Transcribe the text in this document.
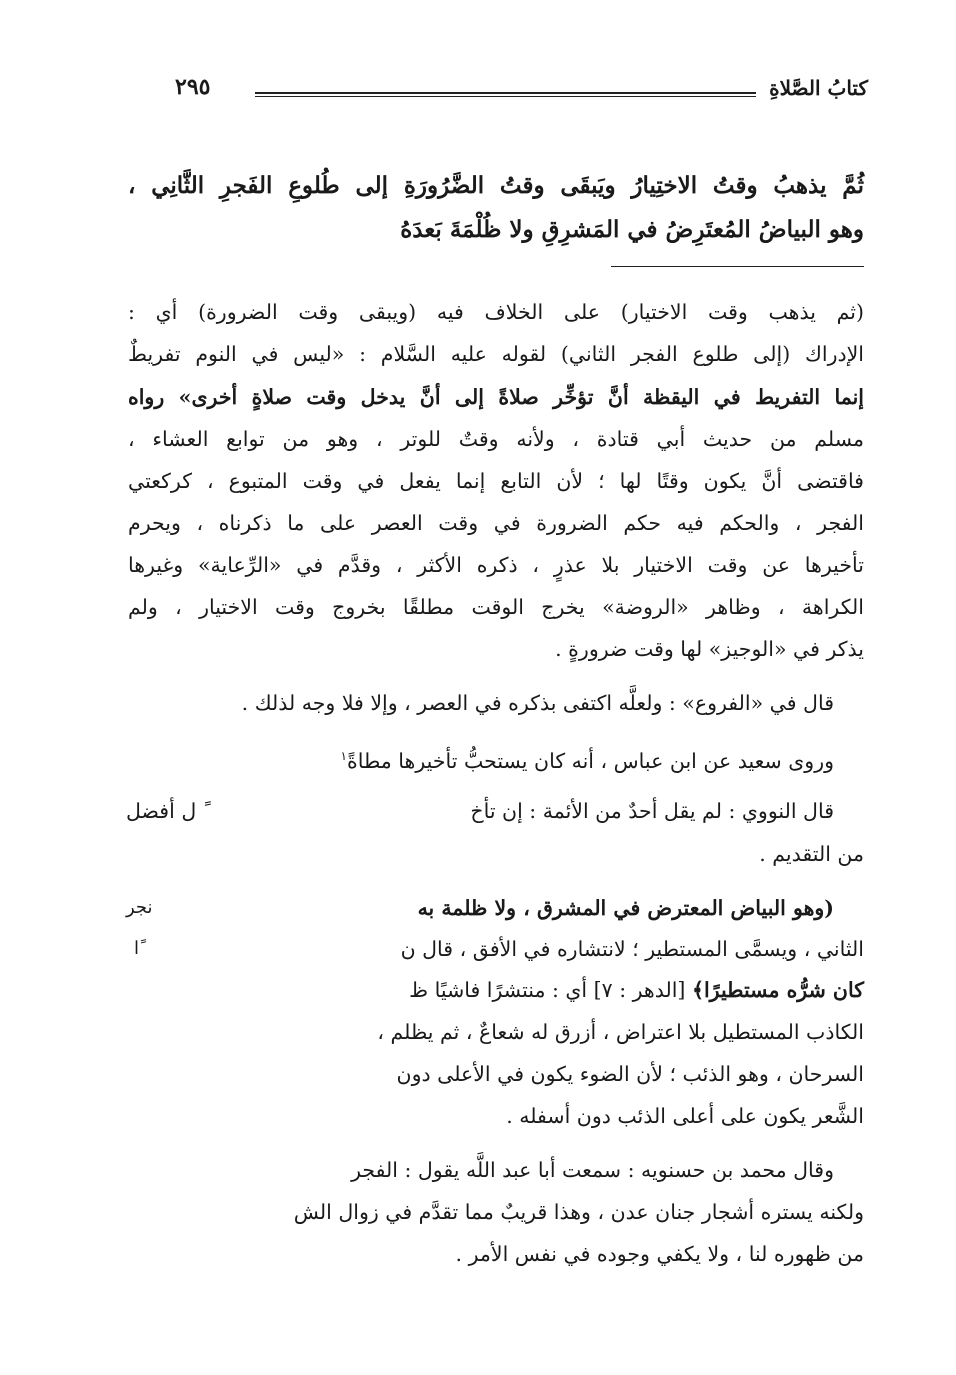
كتابُ الصَّلاةِ
٢٩٥
ثُمَّ يذهبُ وقتُ الاختِيارُ ويَبقَى وقتُ الضَّرُورَةِ إلى طُلوعِ الفَجرِ الثَّانِي ،
وهو البياضُ المُعتَرِضُ في المَشرِقِ ولا ظُلْمَةَ بَعدَهُ
(ثم يذهب وقت الاختيار) على الخلاف فيه (ويبقى وقت الضرورة) أي :
الإدراك (إلى طلوع الفجر الثاني) لقوله عليه السَّلام : «ليس في النوم تفريطٌ
إنما التفريط في اليقظة أنَّ تؤخِّر صلاةً إلى أنَّ يدخل وقت صلاةٍ أخرى» رواه
مسلم من حديث أبي قتادة ، ولأنه وقتٌ للوتر ، وهو من توابع العشاء ،
فاقتضى أنَّ يكون وقتًا لها ؛ لأن التابع إنما يفعل في وقت المتبوع ، كركعتي
الفجر ، والحكم فيه حكم الضرورة في وقت العصر على ما ذكرناه ، ويحرم
تأخيرها عن وقت الاختيار بلا عذرٍ ، ذكره الأكثر ، وقدَّم في «الرِّعاية» وغيرها
الكراهة ، وظاهر «الروضة» يخرج الوقت مطلقًا بخروج وقت الاختيار ، ولم
يذكر في «الوجيز» لها وقت ضرورةٍ .
قال في «الفروع» : ولعلَّه اكتفى بذكره في العصر ، وإلا فلا وجه لذلك .
وروى سعيد عن ابن عباس ، أنه كان يستحبُّ تأخيرها مطاةً$^١$
قال النووي : لم يقل أحدٌ من الأئمة : إن تأخ
ً ل أفضل
من التقديم .
(وهو البياض المعترض في المشرق ، ولا ظلمة به
نجر
الثاني ، ويسمَّى المستطير ؛ لانتشاره في الأفق ، قال ن
ًا
كان شرُّه مستطيرًا﴾ [الدهر : ٧] أي : منتشرًا فاشيًا ظ
الكاذب المستطيل بلا اعتراض ، أزرق له شعاعٌ ، ثم يظلم ،
السرحان ، وهو الذئب ؛ لأن الضوء يكون في الأعلى دون
الشَّعر يكون على أعلى الذئب دون أسفله .
وقال محمد بن حسنويه : سمعت أبا عبد اللَّه يقول : الفجر
ولكنه يستره أشجار جنان عدن ، وهذا قريبٌ مما تقدَّم في زوال الش
من ظهوره لنا ، ولا يكفي وجوده في نفس الأمر .
